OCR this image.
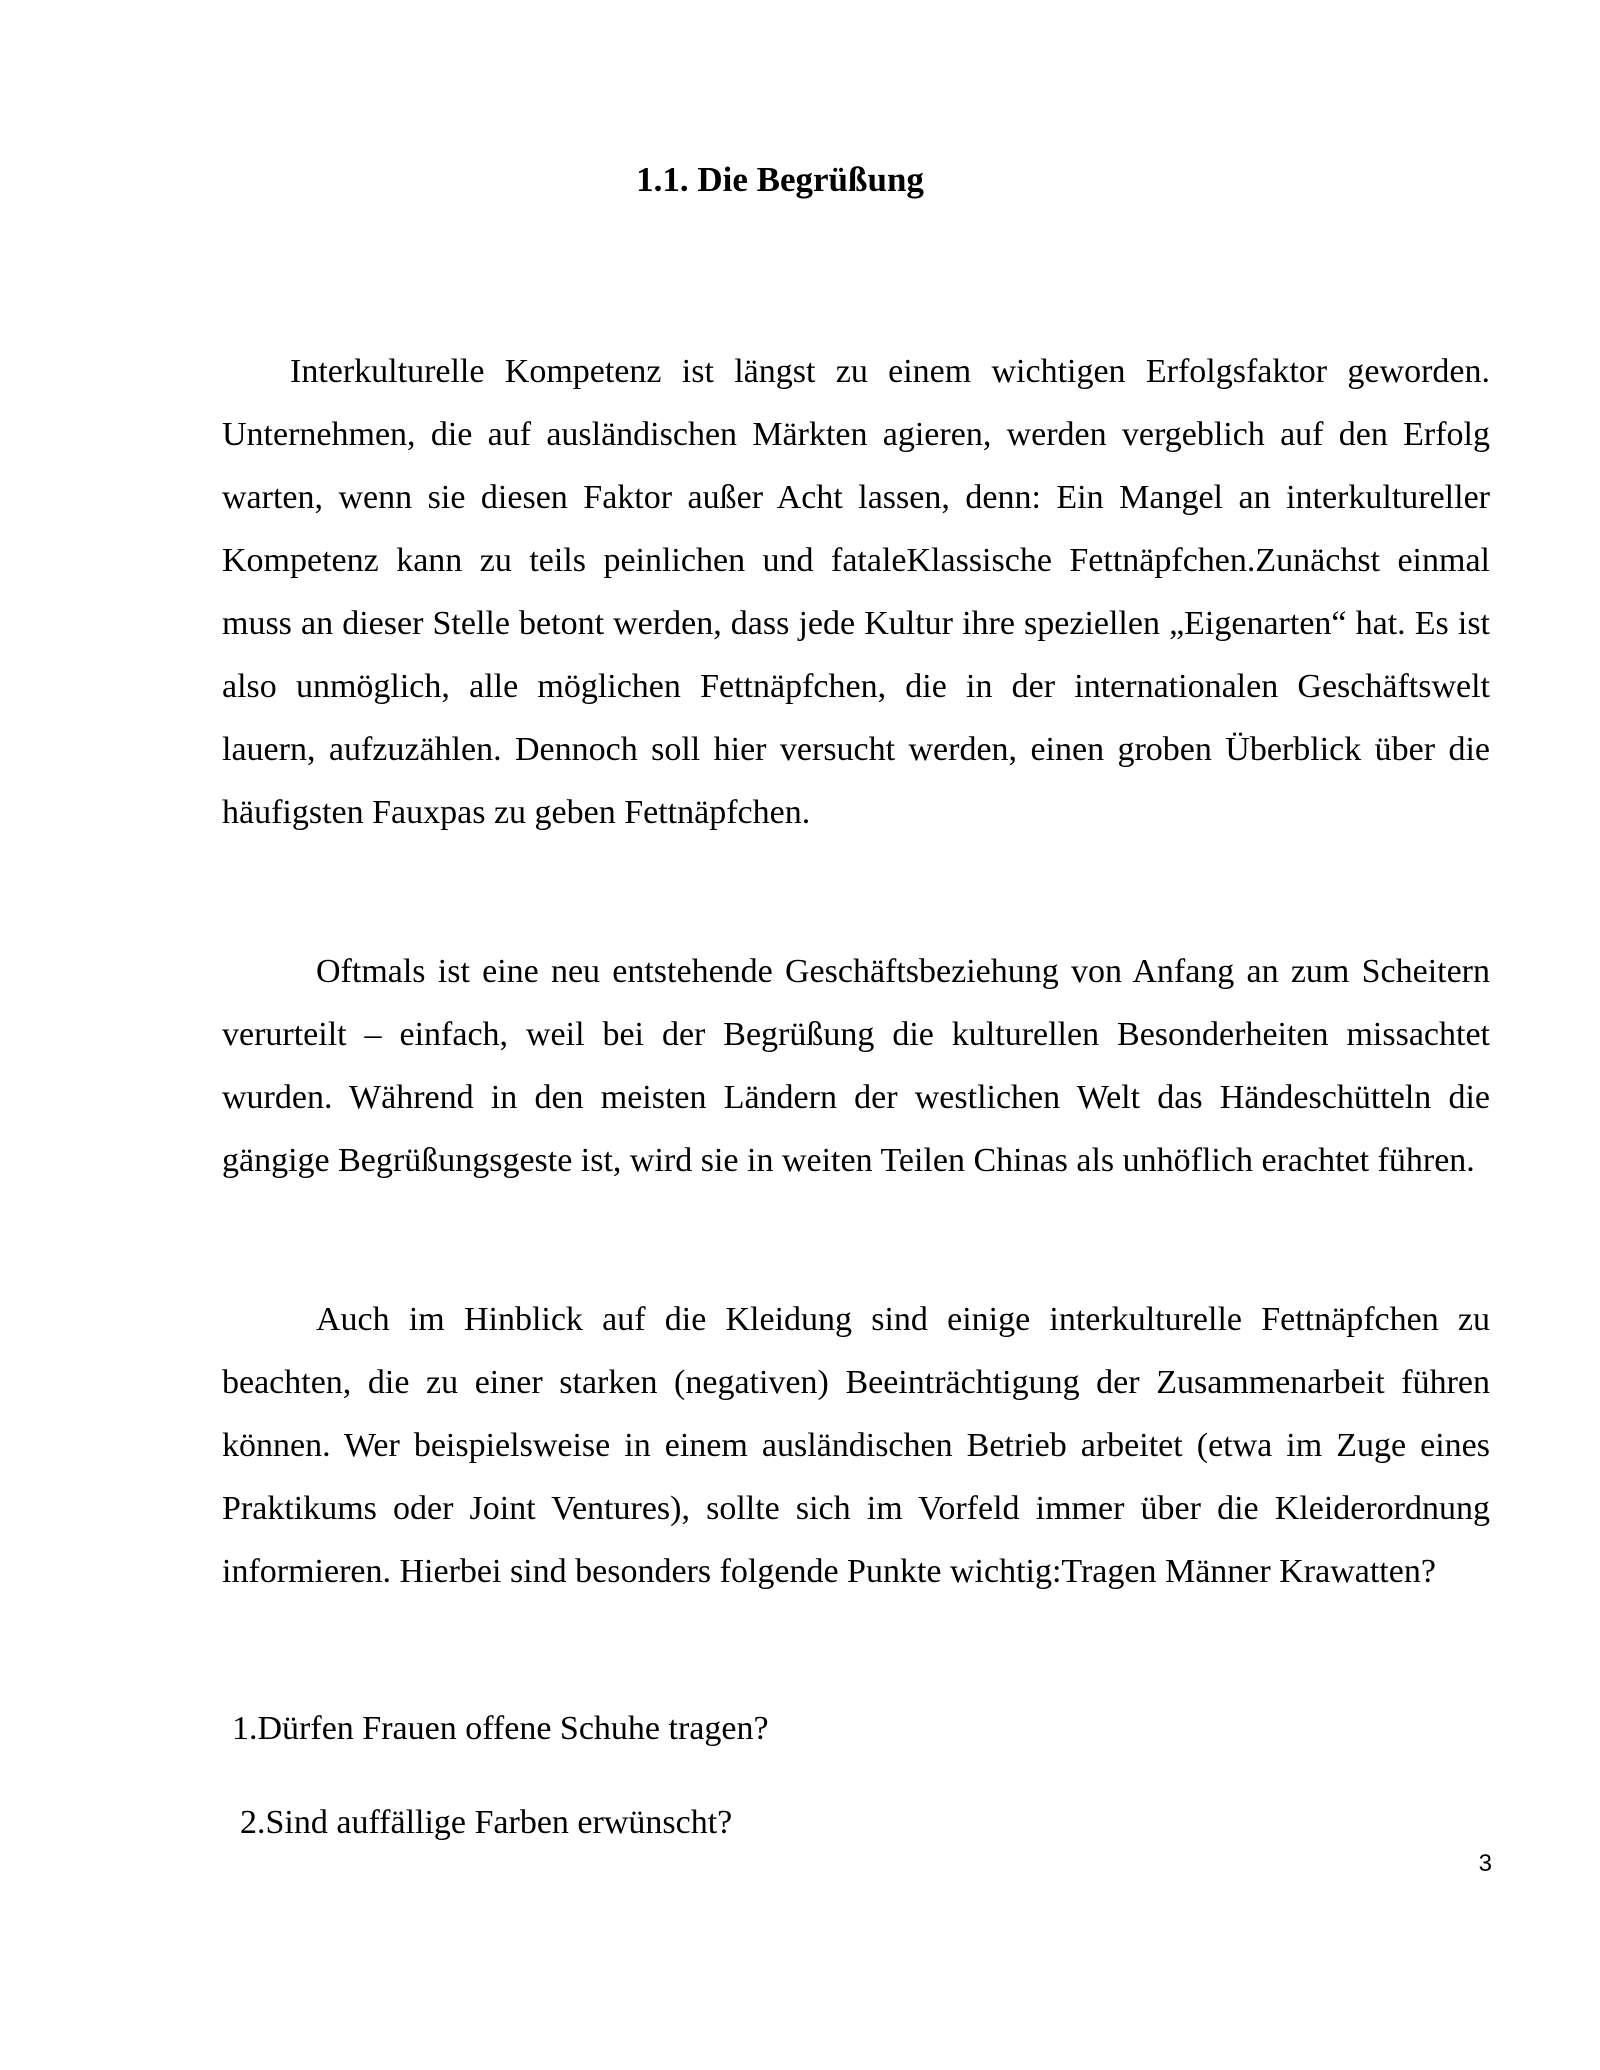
1.1. Die Begrüßung

Interkulturelle Kompetenz ist längst zu einem wichtigen Erfolgsfaktor geworden. Unternehmen, die auf ausländischen Märkten agieren, werden vergeblich auf den Erfolg warten, wenn sie diesen Faktor außer Acht lassen, denn: Ein Mangel an interkultureller Kompetenz kann zu teils peinlichen und fataleKlassische Fettnäpfchen.Zunächst einmal muss an dieser Stelle betont werden, dass jede Kultur ihre speziellen „Eigenarten“ hat. Es ist also unmöglich, alle möglichen Fettnäpfchen, die in der internationalen Geschäftswelt lauern, aufzuzählen. Dennoch soll hier versucht werden, einen groben Überblick über die häufigsten Fauxpas zu geben Fettnäpfchen.

Oftmals ist eine neu entstehende Geschäftsbeziehung von Anfang an zum Scheitern verurteilt – einfach, weil bei der Begrüßung die kulturellen Besonderheiten missachtet wurden. Während in den meisten Ländern der westlichen Welt das Händeschütteln die gängige Begrüßungsgeste ist, wird sie in weiten Teilen Chinas als unhöflich erachtet führen.

Auch im Hinblick auf die Kleidung sind einige interkulturelle Fettnäpfchen zu beachten, die zu einer starken (negativen) Beeinträchtigung der Zusammenarbeit führen können. Wer beispielsweise in einem ausländischen Betrieb arbeitet (etwa im Zuge eines Praktikums oder Joint Ventures), sollte sich im Vorfeld immer über die Kleiderordnung informieren. Hierbei sind besonders folgende Punkte wichtig:Tragen Männer Krawatten?

1.Dürfen Frauen offene Schuhe tragen?

2.Sind auffällige Farben erwünscht?

3
